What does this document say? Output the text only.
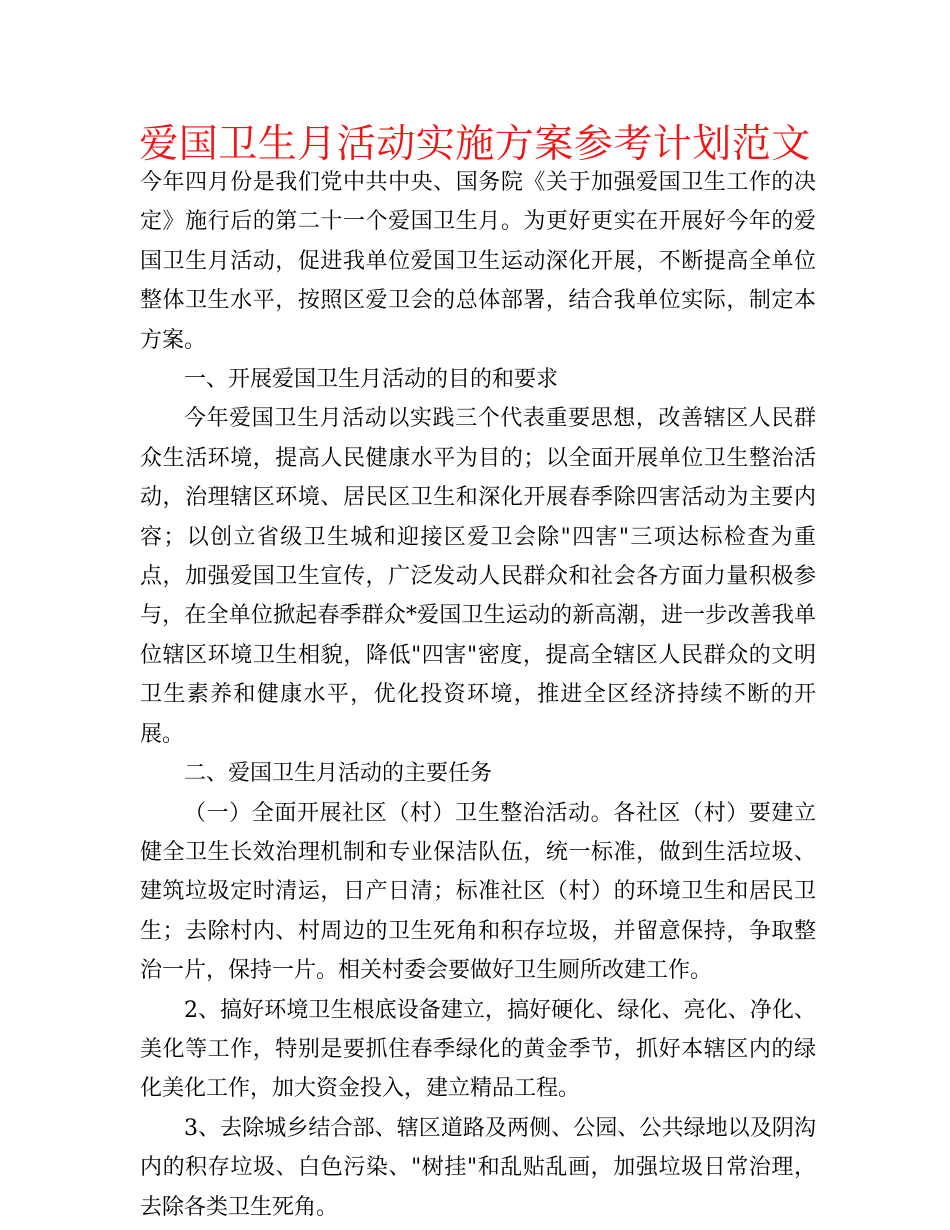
爱国卫生月活动实施方案参考计划范文

今年四月份是我们党中共中央、国务院《关于加强爱国卫生工作的决定》施行后的第二十一个爱国卫生月。为更好更实在开展好今年的爱国卫生月活动，促进我单位爱国卫生运动深化开展，不断提高全单位整体卫生水平，按照区爱卫会的总体部署，结合我单位实际，制定本方案。

一、开展爱国卫生月活动的目的和要求

今年爱国卫生月活动以实践三个代表重要思想，改善辖区人民群众生活环境，提高人民健康水平为目的；以全面开展单位卫生整治活动，治理辖区环境、居民区卫生和深化开展春季除四害活动为主要内容；以创立省级卫生城和迎接区爱卫会除"四害"三项达标检查为重点，加强爱国卫生宣传，广泛发动人民群众和社会各方面力量积极参与，在全单位掀起春季群众*爱国卫生运动的新高潮，进一步改善我单位辖区环境卫生相貌，降低"四害"密度，提高全辖区人民群众的文明卫生素养和健康水平，优化投资环境，推进全区经济持续不断的开展。

二、爱国卫生月活动的主要任务

（一）全面开展社区（村）卫生整治活动。各社区（村）要建立健全卫生长效治理机制和专业保洁队伍，统一标准，做到生活垃圾、建筑垃圾定时清运，日产日清；标准社区（村）的环境卫生和居民卫生；去除村内、村周边的卫生死角和积存垃圾，并留意保持，争取整治一片，保持一片。相关村委会要做好卫生厕所改建工作。

2、搞好环境卫生根底设备建立，搞好硬化、绿化、亮化、净化、美化等工作，特别是要抓住春季绿化的黄金季节，抓好本辖区内的绿化美化工作，加大资金投入，建立精品工程。

3、去除城乡结合部、辖区道路及两侧、公园、公共绿地以及阴沟内的积存垃圾、白色污染、"树挂"和乱贴乱画，加强垃圾日常治理，去除各类卫生死角。
